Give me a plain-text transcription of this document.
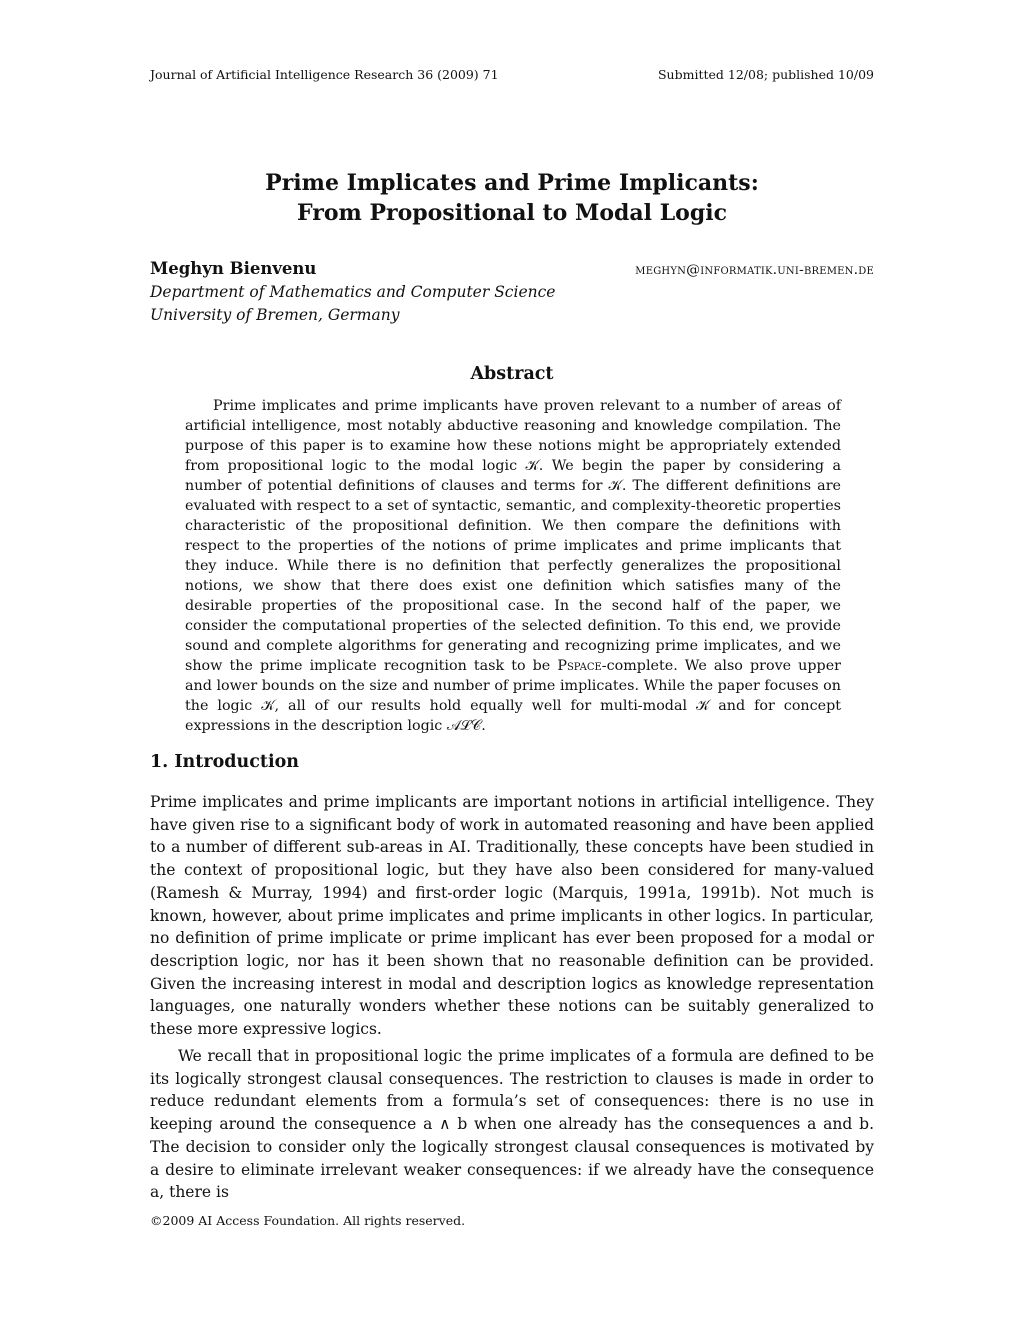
Journal of Artificial Intelligence Research 36 (2009) 71	Submitted 12/08; published 10/09
Prime Implicates and Prime Implicants:
From Propositional to Modal Logic
Meghyn Bienvenu	meghyn@informatik.uni-bremen.de
Department of Mathematics and Computer Science
University of Bremen, Germany
Abstract
Prime implicates and prime implicants have proven relevant to a number of areas of artificial intelligence, most notably abductive reasoning and knowledge compilation. The purpose of this paper is to examine how these notions might be appropriately extended from propositional logic to the modal logic 𝒦. We begin the paper by considering a number of potential definitions of clauses and terms for 𝒦. The different definitions are evaluated with respect to a set of syntactic, semantic, and complexity-theoretic properties characteristic of the propositional definition. We then compare the definitions with respect to the properties of the notions of prime implicates and prime implicants that they induce. While there is no definition that perfectly generalizes the propositional notions, we show that there does exist one definition which satisfies many of the desirable properties of the propositional case. In the second half of the paper, we consider the computational properties of the selected definition. To this end, we provide sound and complete algorithms for generating and recognizing prime implicates, and we show the prime implicate recognition task to be Pspace-complete. We also prove upper and lower bounds on the size and number of prime implicates. While the paper focuses on the logic 𝒦, all of our results hold equally well for multi-modal 𝒦 and for concept expressions in the description logic 𝒜ℒ𝒞.
1. Introduction
Prime implicates and prime implicants are important notions in artificial intelligence. They have given rise to a significant body of work in automated reasoning and have been applied to a number of different sub-areas in AI. Traditionally, these concepts have been studied in the context of propositional logic, but they have also been considered for many-valued (Ramesh & Murray, 1994) and first-order logic (Marquis, 1991a, 1991b). Not much is known, however, about prime implicates and prime implicants in other logics. In particular, no definition of prime implicate or prime implicant has ever been proposed for a modal or description logic, nor has it been shown that no reasonable definition can be provided. Given the increasing interest in modal and description logics as knowledge representation languages, one naturally wonders whether these notions can be suitably generalized to these more expressive logics.
We recall that in propositional logic the prime implicates of a formula are defined to be its logically strongest clausal consequences. The restriction to clauses is made in order to reduce redundant elements from a formula’s set of consequences: there is no use in keeping around the consequence a ∧ b when one already has the consequences a and b. The decision to consider only the logically strongest clausal consequences is motivated by a desire to eliminate irrelevant weaker consequences: if we already have the consequence a, there is
©2009 AI Access Foundation. All rights reserved.
